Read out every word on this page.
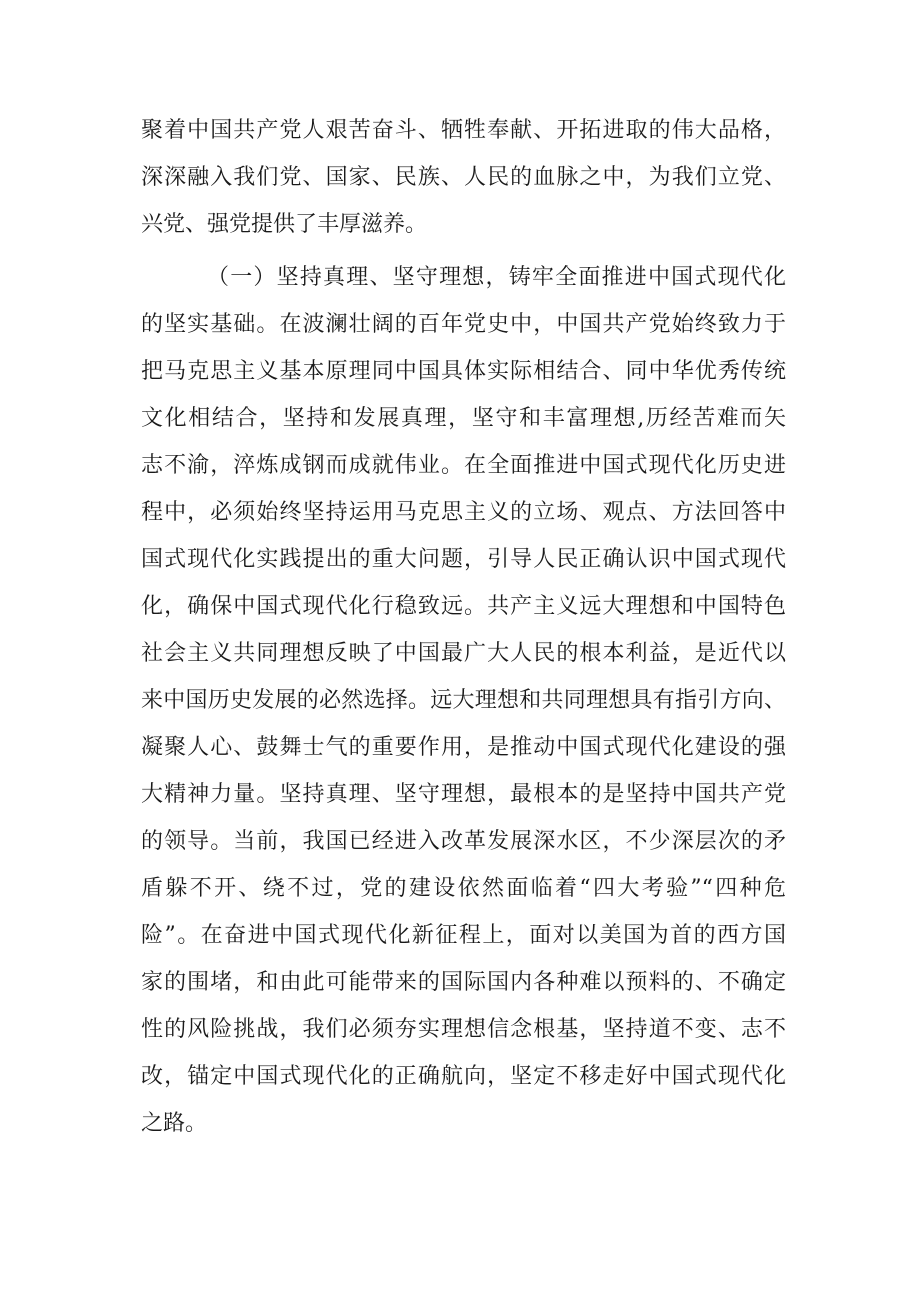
聚着中国共产党人艰苦奋斗、牺牲奉献、开拓进取的伟大品格，
深深融入我们党、国家、民族、人民的血脉之中，为我们立党、
兴党、强党提供了丰厚滋养。
（一）坚持真理、坚守理想，铸牢全面推进中国式现代化
的坚实基础。在波澜壮阔的百年党史中，中国共产党始终致力于
把马克思主义基本原理同中国具体实际相结合、同中华优秀传统
文化相结合，坚持和发展真理，坚守和丰富理想,历经苦难而矢
志不渝，淬炼成钢而成就伟业。在全面推进中国式现代化历史进
程中，必须始终坚持运用马克思主义的立场、观点、方法回答中
国式现代化实践提出的重大问题，引导人民正确认识中国式现代
化，确保中国式现代化行稳致远。共产主义远大理想和中国特色
社会主义共同理想反映了中国最广大人民的根本利益，是近代以
来中国历史发展的必然选择。远大理想和共同理想具有指引方向、
凝聚人心、鼓舞士气的重要作用，是推动中国式现代化建设的强
大精神力量。坚持真理、坚守理想，最根本的是坚持中国共产党
的领导。当前，我国已经进入改革发展深水区，不少深层次的矛
盾躲不开、绕不过，党的建设依然面临着“四大考验”“四种危
险”。在奋进中国式现代化新征程上，面对以美国为首的西方国
家的围堵，和由此可能带来的国际国内各种难以预料的、不确定
性的风险挑战，我们必须夯实理想信念根基，坚持道不变、志不
改，锚定中国式现代化的正确航向，坚定不移走好中国式现代化
之路。
